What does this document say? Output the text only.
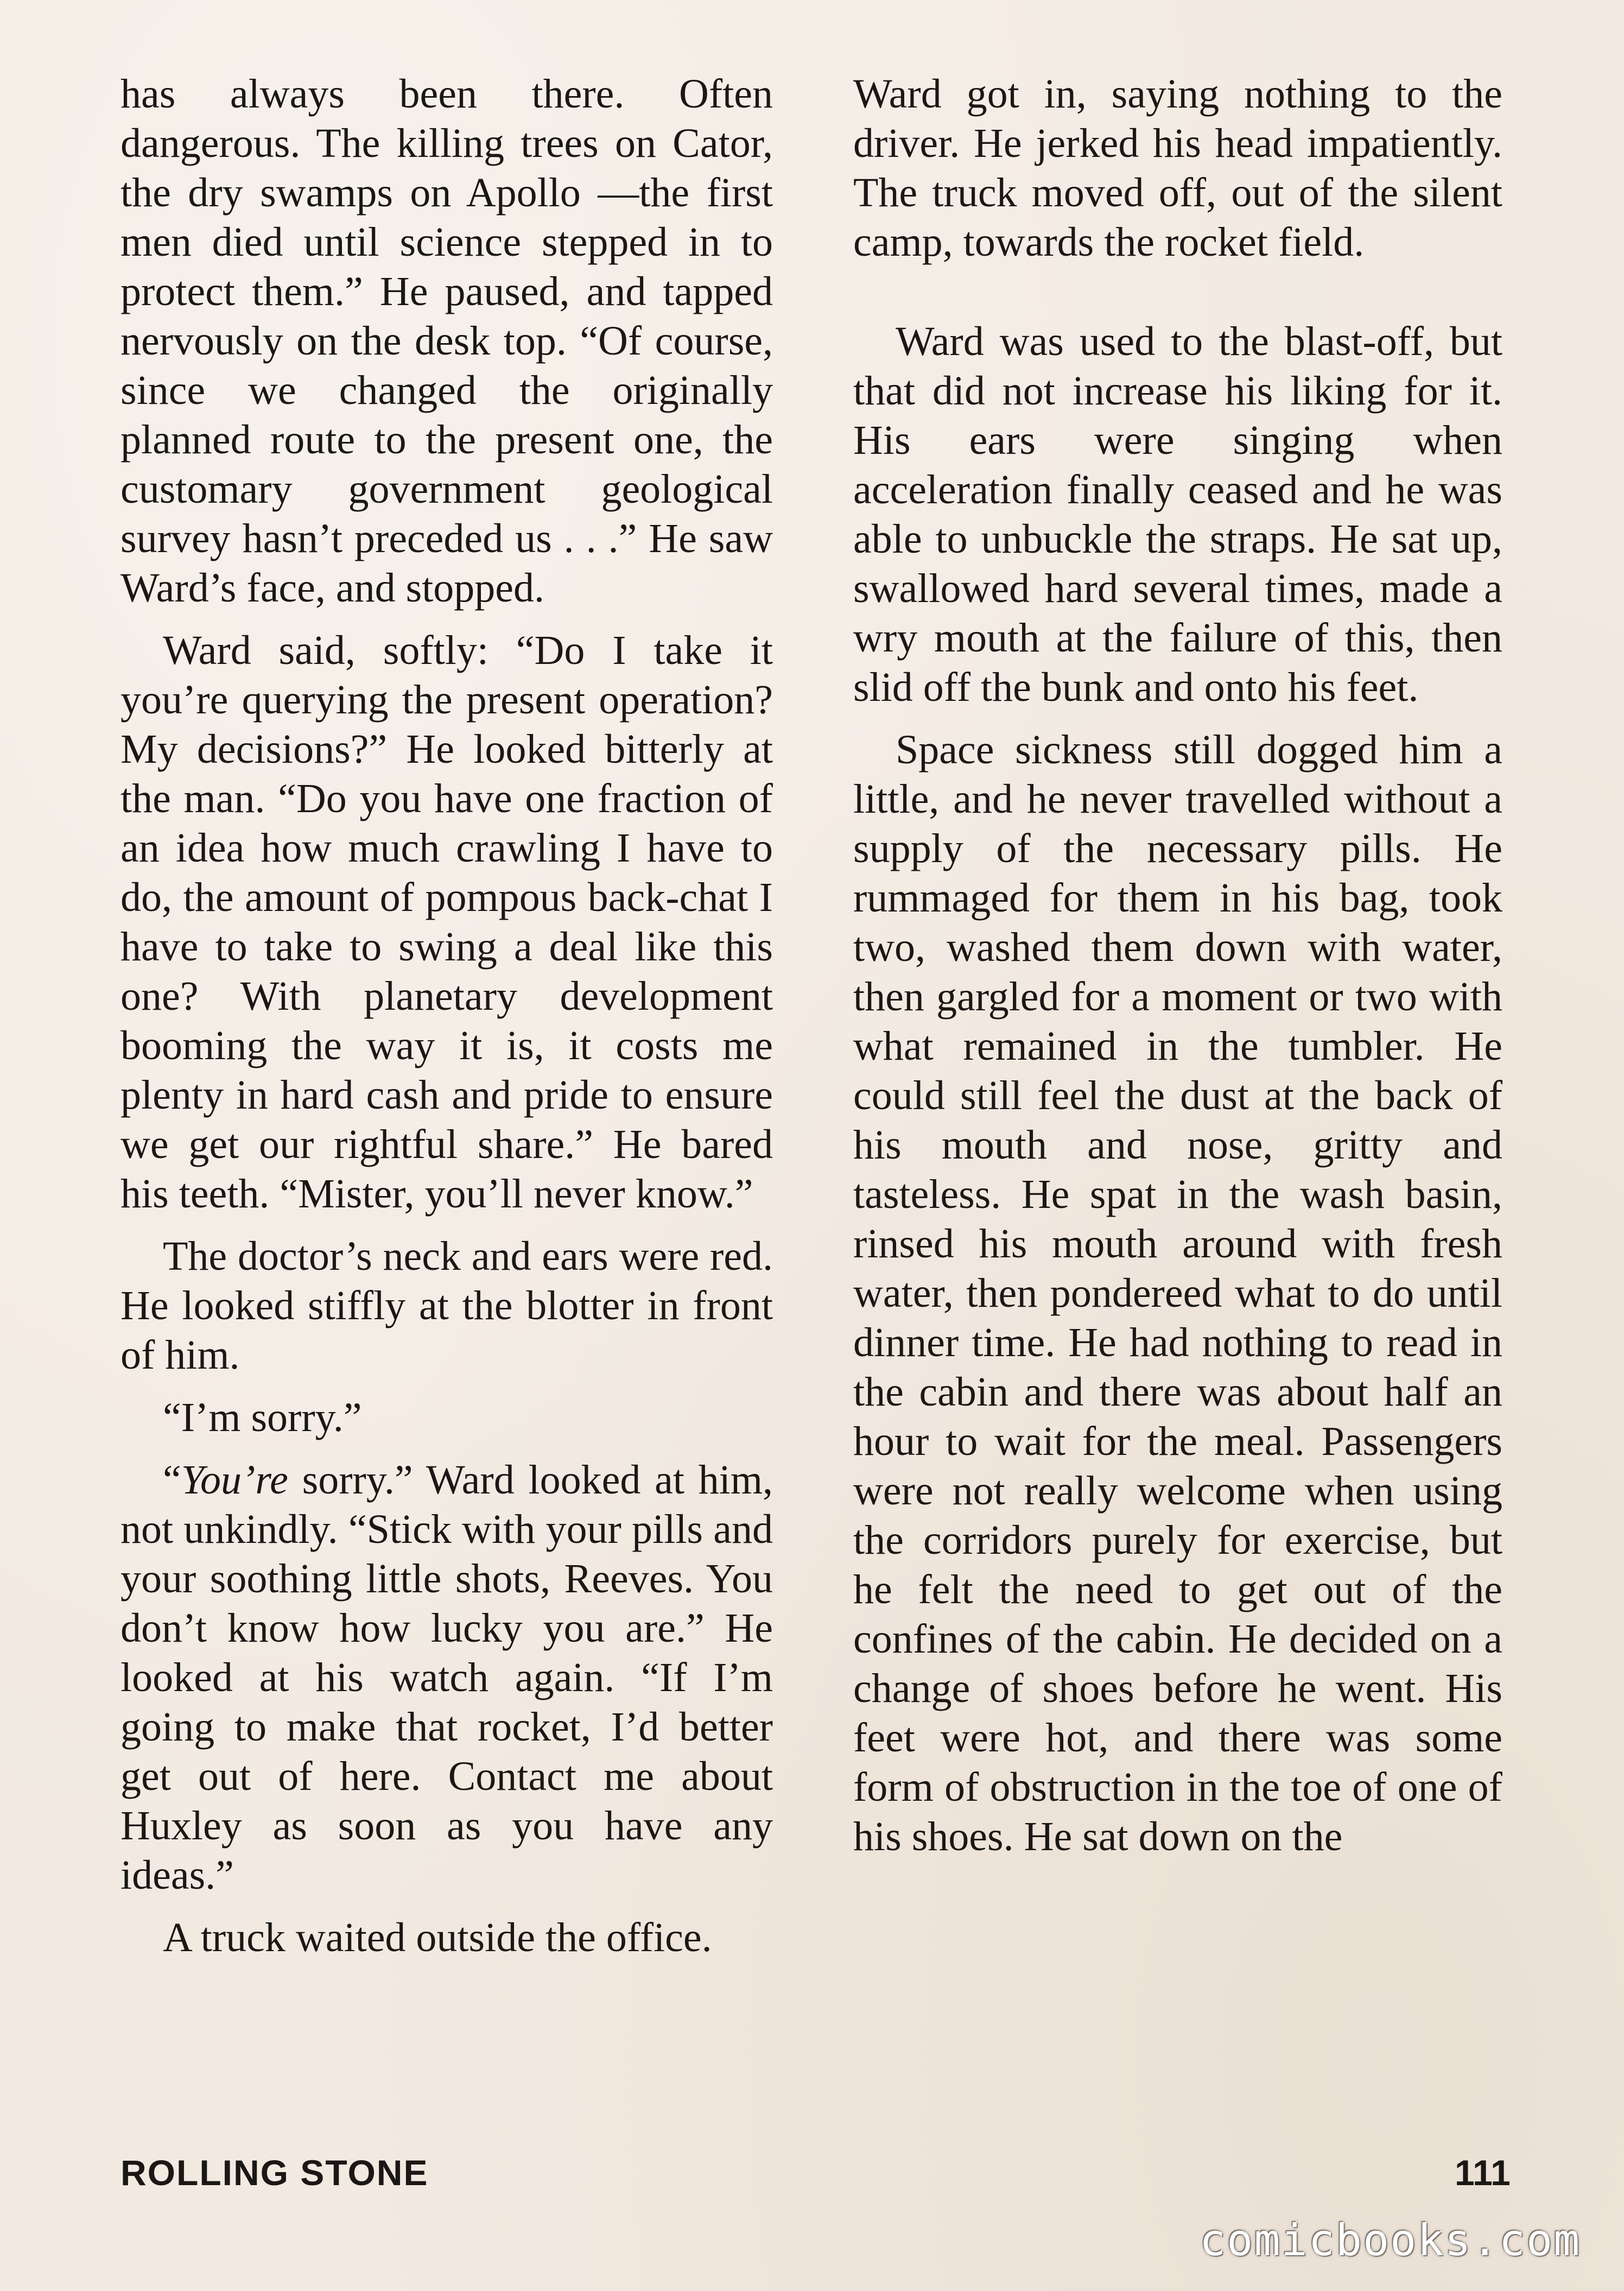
has always been there. Often dangerous. The killing trees on Cator, the dry swamps on Apollo —the first men died until science stepped in to protect them.” He paused, and tapped nervously on the desk top. “Of course, since we changed the originally planned route to the present one, the customary government geological survey hasn’t preceded us . . .” He saw Ward’s face, and stopped.

Ward said, softly: “Do I take it you’re querying the present operation? My decisions?” He looked bitterly at the man. “Do you have one fraction of an idea how much crawling I have to do, the amount of pompous back-chat I have to take to swing a deal like this one? With planetary development booming the way it is, it costs me plenty in hard cash and pride to ensure we get our rightful share.” He bared his teeth. “Mister, you’ll never know.”

The doctor’s neck and ears were red. He looked stiffly at the blotter in front of him.

“I’m sorry.”

“You’re sorry.” Ward looked at him, not unkindly. “Stick with your pills and your soothing little shots, Reeves. You don’t know how lucky you are.” He looked at his watch again. “If I’m going to make that rocket, I’d better get out of here. Contact me about Huxley as soon as you have any ideas.”

A truck waited outside the office.

Ward got in, saying nothing to the driver. He jerked his head impatiently. The truck moved off, out of the silent camp, towards the rocket field.

Ward was used to the blast-off, but that did not increase his liking for it. His ears were singing when acceleration finally ceased and he was able to unbuckle the straps. He sat up, swallowed hard several times, made a wry mouth at the failure of this, then slid off the bunk and onto his feet.

Space sickness still dogged him a little, and he never travelled without a supply of the necessary pills. He rummaged for them in his bag, took two, washed them down with water, then gargled for a moment or two with what remained in the tumbler. He could still feel the dust at the back of his mouth and nose, gritty and tasteless. He spat in the wash basin, rinsed his mouth around with fresh water, then pondereed what to do until dinner time. He had nothing to read in the cabin and there was about half an hour to wait for the meal. Passengers were not really welcome when using the corridors purely for exercise, but he felt the need to get out of the confines of the cabin. He decided on a change of shoes before he went. His feet were hot, and there was some form of obstruction in the toe of one of his shoes. He sat down on the

ROLLING STONE	111
comicbooks.com
